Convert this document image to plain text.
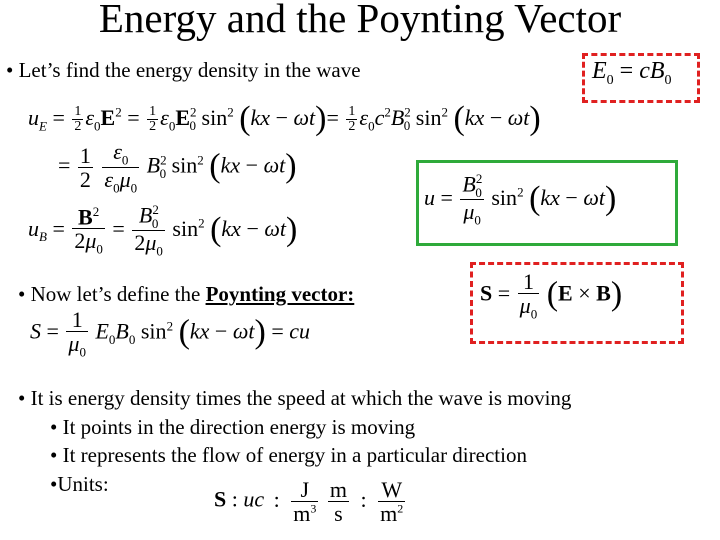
Energy and the Poynting Vector
• Let’s find the energy density in the wave	$E_0 = cB_0$
$u_E = \frac{1}{2} \varepsilon_0E^2 = \frac{1}{2} \varepsilon_0E^2_0$ $\sin^2 (kx - \omega t)= \frac{1}{2} \varepsilon_0c^2B^2_0$ $\sin^2 (kx - \omega t)$
= $\frac{1}{2}$
$\frac{\varepsilon_0}{\varepsilon_0\mu_0} B^2_0$ $\sin^2 (kx - \omega t)$
$u_B = \frac{B^2}{2\mu_0} = \frac{B^2_0}{2\mu_0} \sin^2 (kx - \omega t)$
$u = \frac{B^2_0}{\mu_0} \sin^2 (kx - \omega t)$
• Now let’s define the Poynting vector:	$S = \frac{1}{\mu_0} (E \times B)$
$S = \frac{1}{\mu_0} E_0B_0$ $\sin^2 (kx - \omega t)$ = cu
• It is energy density times the speed at which the wave is moving
• It points in the direction energy is moving
• It represents the flow of energy in a particular direction
•Units:
S : uc : $\frac{J}{m^3}$
$\frac{m}{s}$ : $\frac{W}{m^2}$
